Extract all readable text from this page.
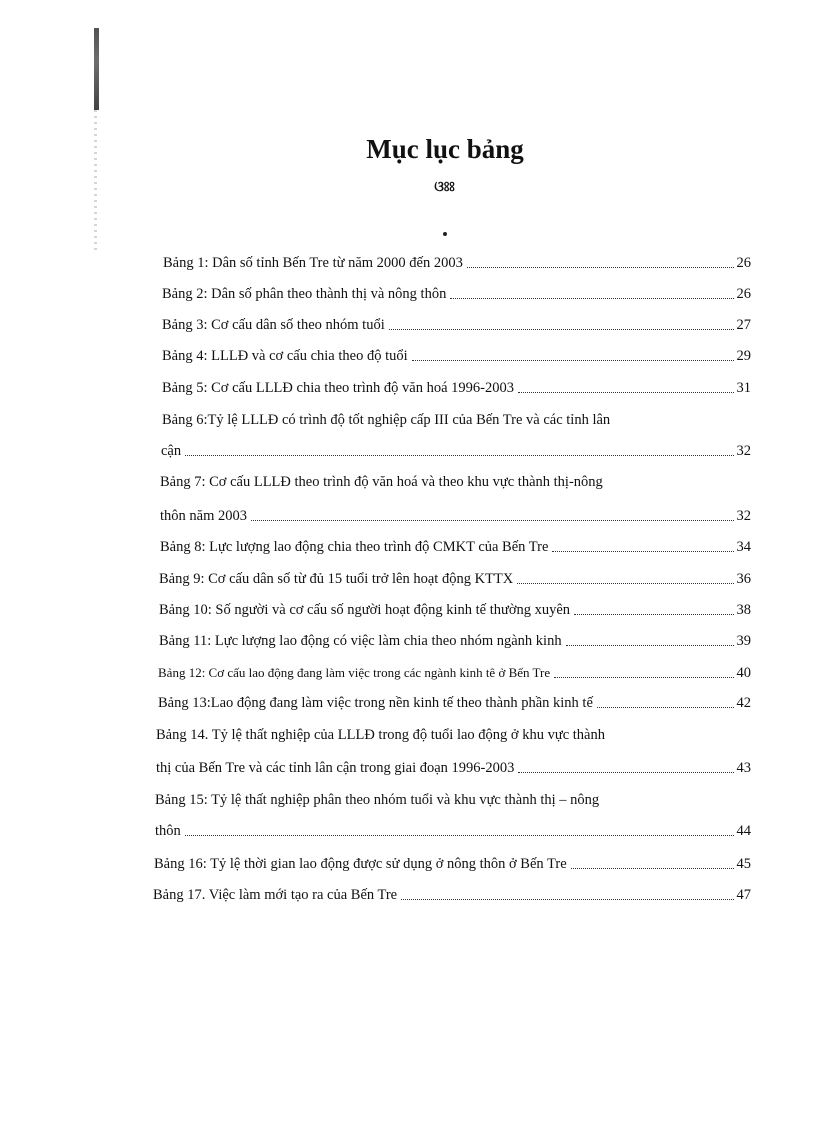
Mục lục bảng
ଓଃଃ
Bảng 1: Dân số tỉnh Bến Tre từ năm 2000 đến 2003	26
Bảng 2: Dân số phân theo thành thị và nông thôn	26
Bảng 3: Cơ cấu dân số theo nhóm tuổi	27
Bảng 4: LLLĐ và cơ cấu chia theo độ tuổi	29
Bảng 5: Cơ cấu LLLĐ chia theo trình độ văn hoá 1996-2003	31
Bảng 6:Tỷ lệ LLLĐ có trình độ tốt nghiệp cấp III của Bến Tre và các tỉnh lân
cận	32
Bảng 7: Cơ cấu LLLĐ theo trình độ văn hoá và theo khu vực thành thị-nông
thôn năm 2003	32
Bảng 8: Lực lượng lao động chia theo trình độ CMKT của Bến Tre	34
Bảng 9: Cơ cấu dân số từ đủ 15 tuổi trở lên hoạt động KTTX	36
Bảng 10: Số người và cơ cấu số người hoạt động kinh tế thường xuyên	38
Bảng 11: Lực lượng lao động có việc làm chia theo nhóm ngành kinh	39
Bảng 12: Cơ cấu lao động đang làm việc trong các ngành kinh tê ở Bến Tre	40
Bảng 13:Lao động đang làm việc trong nền kinh tế theo thành phần kinh tế	42
Bảng 14. Tỷ lệ thất nghiệp của LLLĐ trong độ tuổi lao động ở khu vực thành
thị của Bến Tre và các tỉnh lân cận trong giai đoạn 1996-2003	43
Bảng 15: Tỷ lệ thất nghiệp phân theo nhóm tuổi và khu vực thành thị – nông
thôn	44
Bảng 16: Tỷ lệ thời gian lao động được sử dụng ở nông thôn ở Bến Tre	45
Bảng 17. Việc làm mới tạo ra của Bến Tre	47
